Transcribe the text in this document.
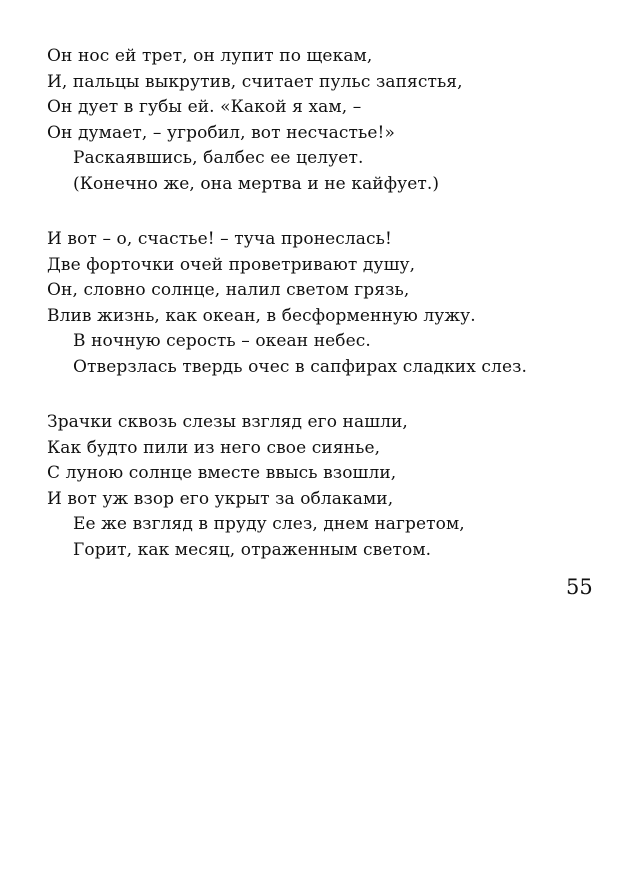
Он нос ей трет, он лупит по щекам,
И, пальцы выкрутив, считает пульс запястья,
Он дует в губы ей. «Какой я хам, –
Он думает, – угробил, вот несчастье!»
Раскаявшись, балбес ее целует.
(Конечно же, она мертва и не кайфует.)
И вот – о, счастье! – туча пронеслась!
Две форточки очей проветривают душу,
Он, словно солнце, налил светом грязь,
Влив жизнь, как океан, в бесформенную лужу.
В ночную серость – океан небес.
Отверзлась твердь очес в сапфирах сладких слез.
Зрачки сквозь слезы взгляд его нашли,
Как будто пили из него свое сиянье,
С луною солнце вместе ввысь взошли,
И вот уж взор его укрыт за облаками,
Ее же взгляд в пруду слез, днем нагретом,
Горит, как месяц, отраженным светом.
55
